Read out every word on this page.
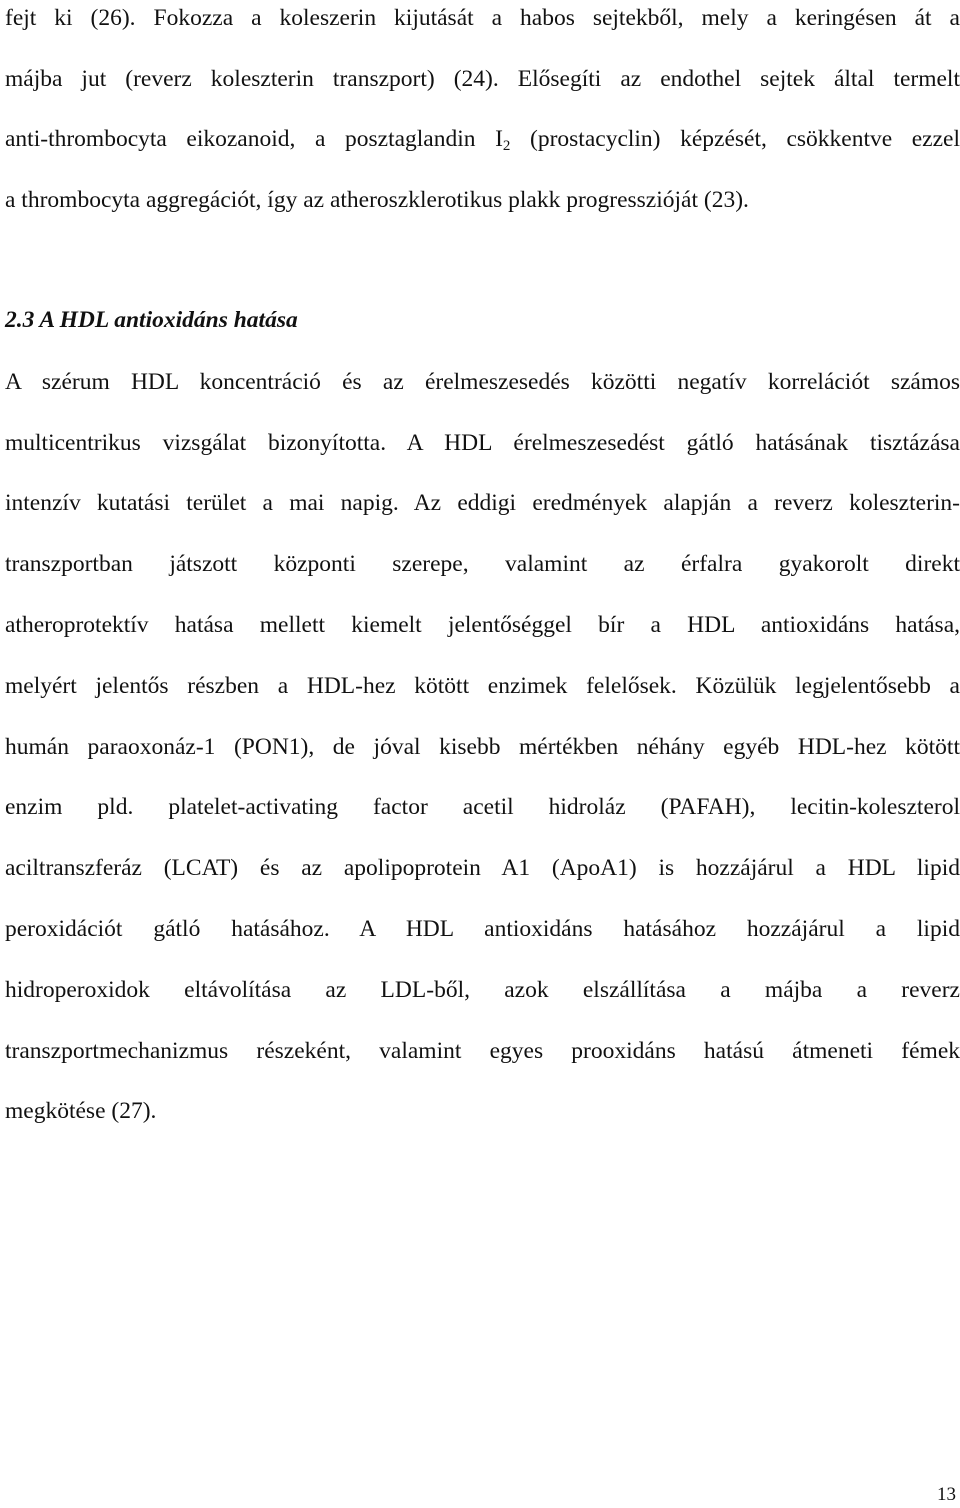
fejt ki (26). Fokozza a koleszerin kijutását a habos sejtekből, mely a keringésen át a
májba jut (reverz koleszterin transzport) (24). Elősegíti az endothel sejtek által termelt
anti-thrombocyta eikozanoid, a posztaglandin $I_2$ (prostacyclin) képzését, csökkentve ezzel
a thrombocyta aggregációt, így az atheroszklerotikus plakk progresszióját (23).
2.3 A HDL antioxidáns hatása
A szérum HDL koncentráció és az érelmeszesedés közötti negatív korrelációt számos
multicentrikus vizsgálat bizonyította. A HDL érelmeszesedést gátló hatásának tisztázása
intenzív kutatási terület a mai napig. Az eddigi eredmények alapján a reverz koleszterin-
transzportban játszott központi szerepe, valamint az érfalra gyakorolt direkt
atheroprotektív hatása mellett kiemelt jelentőséggel bír a HDL antioxidáns hatása,
melyért jelentős részben a HDL-hez kötött enzimek felelősek. Közülük legjelentősebb a
humán paraoxonáz-1 (PON1), de jóval kisebb mértékben néhány egyéb HDL-hez kötött
enzim pld. platelet-activating factor acetil hidroláz (PAFAH), lecitin-koleszterol
aciltranszferáz (LCAT) és az apolipoprotein A1 (ApoA1) is hozzájárul a HDL lipid
peroxidációt gátló hatásához. A HDL antioxidáns hatásához hozzájárul a lipid
hidroperoxidok eltávolítása az LDL-ből, azok elszállítása a májba a reverz
transzportmechanizmus részeként, valamint egyes prooxidáns hatású átmeneti fémek
megkötése (27).
13
